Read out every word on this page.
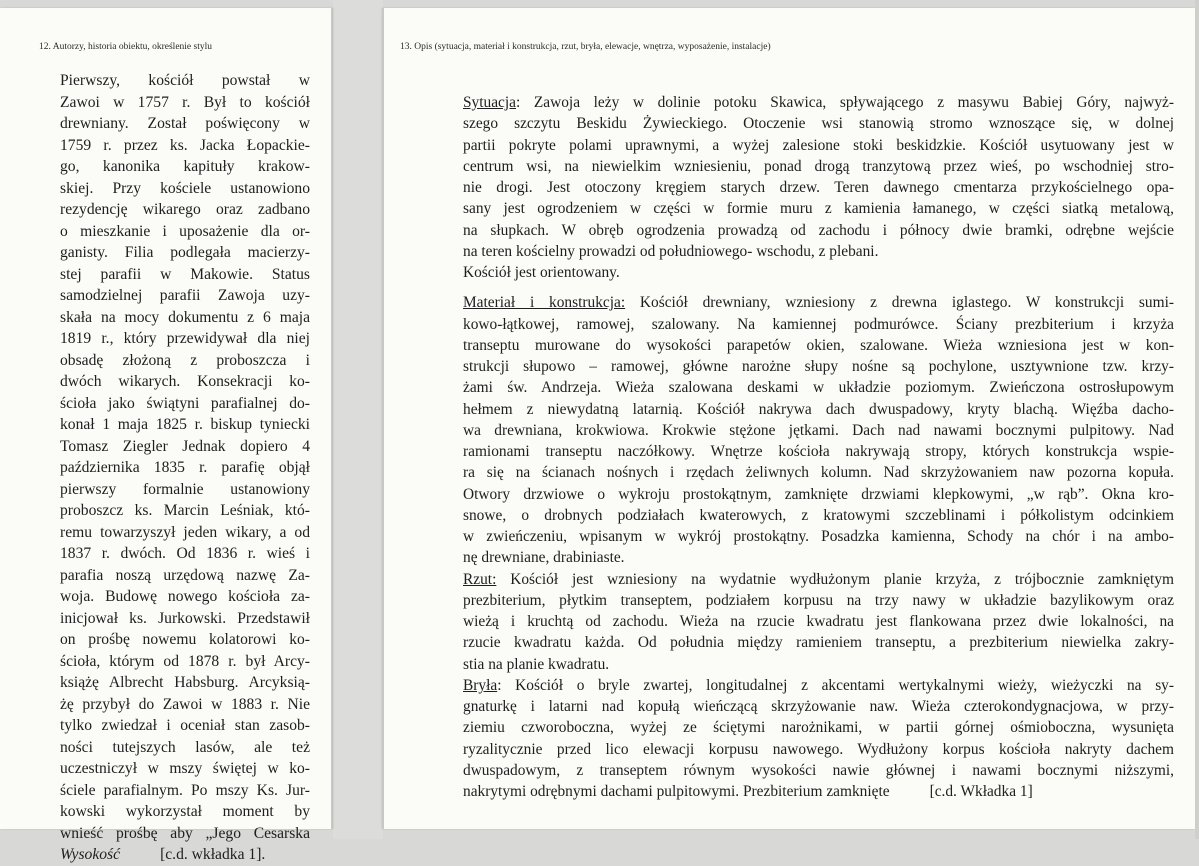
12. Autorzy, historia obiektu, określenie stylu
Pierwszy, kościół powstał w
Zawoi w 1757 r. Był to kościół
drewniany. Został poświęcony w
1759 r. przez ks. Jacka Łopackie-
go, kanonika kapituły krakow-
skiej. Przy kościele ustanowiono
rezydencję wikarego oraz zadbano
o mieszkanie i uposażenie dla or-
ganisty. Filia podlegała macierzy-
stej parafii w Makowie. Status
samodzielnej parafii Zawoja uzy-
skała na mocy dokumentu z 6 maja
1819 r., który przewidywał dla niej
obsadę złożoną z proboszcza i
dwóch wikarych. Konsekracji ko-
ścioła jako świątyni parafialnej do-
konał 1 maja 1825 r. biskup tyniecki
Tomasz Ziegler Jednak dopiero 4
października 1835 r. parafię objął
pierwszy formalnie ustanowiony
proboszcz ks. Marcin Leśniak, któ-
remu towarzyszył jeden wikary, a od
1837 r. dwóch. Od 1836 r. wieś i
parafia noszą urzędową nazwę Za-
woja. Budowę nowego kościoła za-
inicjował ks. Jurkowski. Przedstawił
on prośbę nowemu kolatorowi ko-
ścioła, którym od 1878 r. był Arcy-
książę Albrecht Habsburg. Arcyksią-
żę przybył do Zawoi w 1883 r. Nie
tylko zwiedzał i oceniał stan zasob-
ności tutejszych lasów, ale też
uczestniczył w mszy świętej w ko-
ściele parafialnym. Po mszy Ks. Jur-
kowski wykorzystał moment by
wnieść prośbę aby „Jego Cesarska
Wysokość	[c.d. wkładka 1].
13. Opis (sytuacja, materiał i konstrukcja, rzut, bryła, elewacje, wnętrza, wyposażenie, instalacje)
Sytuacja: Zawoja leży w dolinie potoku Skawica, spływającego z masywu Babiej Góry, najwyż-
szego szczytu Beskidu Żywieckiego. Otoczenie wsi stanowią stromo wznoszące się, w dolnej
partii pokryte polami uprawnymi, a wyżej zalesione stoki beskidzkie. Kościół usytuowany jest w
centrum wsi, na niewielkim wzniesieniu, ponad drogą tranzytową przez wieś, po wschodniej stro-
nie drogi. Jest otoczony kręgiem starych drzew. Teren dawnego cmentarza przykościelnego opa-
sany jest ogrodzeniem w części w formie muru z kamienia łamanego, w części siatką metalową,
na słupkach. W obręb ogrodzenia prowadzą od zachodu i północy dwie bramki, odrębne wejście
na teren kościelny prowadzi od południowego- wschodu, z plebani.
Kościół jest orientowany.
Materiał i konstrukcja: Kościół drewniany, wzniesiony z drewna iglastego. W konstrukcji sumi-
kowo-łątkowej, ramowej, szalowany. Na kamiennej podmurówce. Ściany prezbiterium i krzyża
transeptu murowane do wysokości parapetów okien, szalowane. Wieża wzniesiona jest w kon-
strukcji słupowo – ramowej, główne narożne słupy nośne są pochylone, usztywnione tzw. krzy-
żami św. Andrzeja. Wieża szalowana deskami w układzie poziomym. Zwieńczona ostrosłupowym
hełmem z niewydatną latarnią. Kościół nakrywa dach dwuspadowy, kryty blachą. Więźba dacho-
wa drewniana, krokwiowa. Krokwie stężone jętkami. Dach nad nawami bocznymi pulpitowy. Nad
ramionami transeptu naczółkowy. Wnętrze kościoła nakrywają stropy, których konstrukcja wspie-
ra się na ścianach nośnych i rzędach żeliwnych kolumn. Nad skrzyżowaniem naw pozorna kopuła.
Otwory drzwiowe o wykroju prostokątnym, zamknięte drzwiami klepkowymi, „w rąb”. Okna kro-
snowe, o drobnych podziałach kwaterowych, z kratowymi szczeblinami i półkolistym odcinkiem
w zwieńczeniu, wpisanym w wykrój prostokątny. Posadzka kamienna, Schody na chór i na ambo-
nę drewniane, drabiniaste.
Rzut: Kościół jest wzniesiony na wydatnie wydłużonym planie krzyża, z trójbocznie zamkniętym
prezbiterium, płytkim transeptem, podziałem korpusu na trzy nawy w układzie bazylikowym oraz
wieżą i kruchtą od zachodu. Wieża na rzucie kwadratu jest flankowana przez dwie lokalności, na
rzucie kwadratu każda. Od południa między ramieniem transeptu, a prezbiterium niewielka zakry-
stia na planie kwadratu.
Bryła: Kościół o bryle zwartej, longitudalnej z akcentami wertykalnymi wieży, wieżyczki na sy-
gnaturkę i latarni nad kopułą wieńczącą skrzyżowanie naw. Wieża czterokondygnacjowa, w przy-
ziemiu czworoboczna, wyżej ze ściętymi narożnikami, w partii górnej ośmioboczna, wysunięta
ryzalitycznie przed lico elewacji korpusu nawowego. Wydłużony korpus kościoła nakryty dachem
dwuspadowym, z transeptem równym wysokości nawie głównej i nawami bocznymi niższymi,
nakrytymi odrębnymi dachami pulpitowymi. Prezbiterium zamknięte	[c.d. Wkładka 1]
